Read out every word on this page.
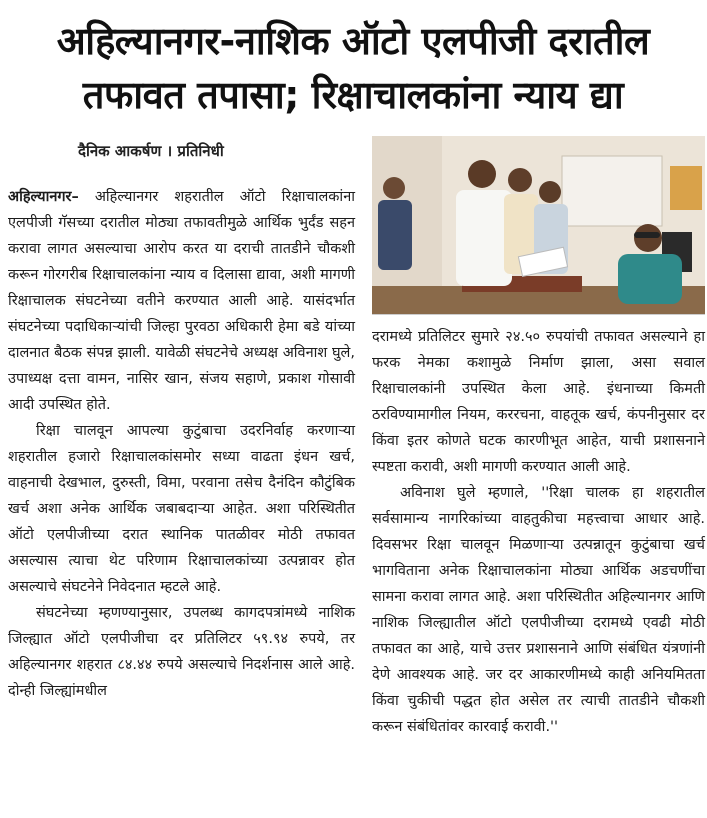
अहिल्यानगर-नाशिक ऑटो एलपीजी दरातील
तफावत तपासा; रिक्षाचालकांना न्याय द्या
दैनिक आकर्षण । प्रतिनिधी

अहिल्यानगर– अहिल्यानगर शहरातील ऑटो रिक्षाचालकांना एलपीजी गॅसच्या दरातील मोठ्या तफावतीमुळे आर्थिक भुर्दंड सहन करावा लागत असल्याचा आरोप करत या दराची तातडीने चौकशी करून गोरगरीब रिक्षाचालकांना न्याय व दिलासा द्यावा, अशी मागणी रिक्षाचालक संघटनेच्या वतीने करण्यात आली आहे. यासंदर्भात संघटनेच्या पदाधिकाऱ्यांची जिल्हा पुरवठा अधिकारी हेमा बडे यांच्या दालनात बैठक संपन्न झाली. यावेळी संघटनेचे अध्यक्ष अविनाश घुले, उपाध्यक्ष दत्ता वामन, नासिर खान, संजय सहाणे, प्रकाश गोसावी आदी उपस्थित होते.

रिक्षा चालवून आपल्या कुटुंबाचा उदरनिर्वाह करणाऱ्या शहरातील हजारो रिक्षाचालकांसमोर सध्या वाढता इंधन खर्च, वाहनाची देखभाल, दुरुस्ती, विमा, परवाना तसेच दैनंदिन कौटुंबिक खर्च अशा अनेक आर्थिक जबाबदाऱ्या आहेत. अशा परिस्थितीत ऑटो एलपीजीच्या दरात स्थानिक पातळीवर मोठी तफावत असल्यास त्याचा थेट परिणाम रिक्षाचालकांच्या उत्पन्नावर होत असल्याचे संघटनेने निवेदनात म्हटले आहे.

संघटनेच्या म्हणण्यानुसार, उपलब्ध कागदपत्रांमध्ये नाशिक जिल्ह्यात ऑटो एलपीजीचा दर प्रतिलिटर ५९.९४ रुपये, तर अहिल्यानगर शहरात ८४.४४ रुपये असल्याचे निदर्शनास आले आहे. दोन्ही जिल्ह्यांमधील

दरामध्ये प्रतिलिटर सुमारे २४.५० रुपयांची तफावत असल्याने हा फरक नेमका कशामुळे निर्माण झाला, असा सवाल रिक्षाचालकांनी उपस्थित केला आहे. इंधनाच्या किमती ठरविण्यामागील नियम, कररचना, वाहतूक खर्च, कंपनीनुसार दर किंवा इतर कोणते घटक कारणीभूत आहेत, याची प्रशासनाने स्पष्टता करावी, अशी मागणी करण्यात आली आहे.

अविनाश घुले म्हणाले, ''रिक्षा चालक हा शहरातील सर्वसामान्य नागरिकांच्या वाहतुकीचा महत्त्वाचा आधार आहे. दिवसभर रिक्षा चालवून मिळणाऱ्या उत्पन्नातून कुटुंबाचा खर्च भागविताना अनेक रिक्षाचालकांना मोठ्या आर्थिक अडचणींचा सामना करावा लागत आहे. अशा परिस्थितीत अहिल्यानगर आणि नाशिक जिल्ह्यातील ऑटो एलपीजीच्या दरामध्ये एवढी मोठी तफावत का आहे, याचे उत्तर प्रशासनाने आणि संबंधित यंत्रणांनी देणे आवश्यक आहे. जर दर आकारणीमध्ये काही अनियमितता किंवा चुकीची पद्धत होत असेल तर त्याची तातडीने चौकशी करून संबंधितांवर कारवाई करावी.''
